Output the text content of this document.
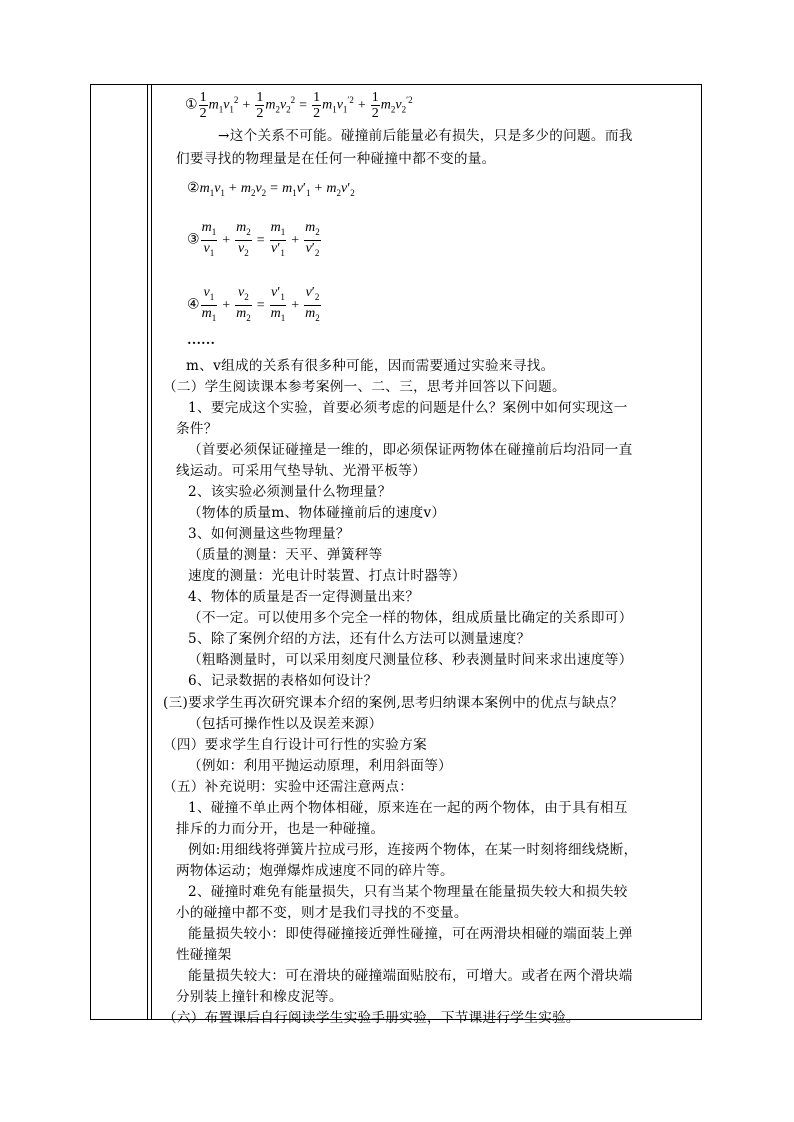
① $\frac{1}{2} m_1v_1^2 + \frac{1}{2} m_2v_2^2 = \frac{1}{2} m_1v_1^{'2} + \frac{1}{2} m_2v_2^{'2}$
→这个关系不可能。碰撞前后能量必有损失，只是多少的问题。而我
们要寻找的物理量是在任何一种碰撞中都不变的量。
$②m_1v_1 + m_2v_2 = m_1v'_1 + m_2v'_2$
③ $\frac{m_1}{v_1} + \frac{m_2}{v_2} = \frac{m_1}{v'_1} + \frac{m_2}{v'_2}$
④ $\frac{v_1}{m_1} + \frac{v_2}{m_2} = \frac{v'_1}{m_1} + \frac{v'_2}{m_2}$
……
m、v组成的关系有很多种可能，因而需要通过实验来寻找。
（二）学生阅读课本参考案例一、二、三，思考并回答以下问题。
1、要完成这个实验，首要必须考虑的问题是什么？案例中如何实现这一
条件？
（首要必须保证碰撞是一维的，即必须保证两物体在碰撞前后均沿同一直
线运动。可采用气垫导轨、光滑平板等）
2、该实验必须测量什么物理量？
（物体的质量m、物体碰撞前后的速度v）
3、如何测量这些物理量？
（质量的测量：天平、弹簧秤等
速度的测量：光电计时装置、打点计时器等）
4、物体的质量是否一定得测量出来？
（不一定。可以使用多个完全一样的物体，组成质量比确定的关系即可）
5、除了案例介绍的方法，还有什么方法可以测量速度？
（粗略测量时，可以采用刻度尺测量位移、秒表测量时间来求出速度等）
6、记录数据的表格如何设计？
(三)要求学生再次研究课本介绍的案例,思考归纳课本案例中的优点与缺点？
（包括可操作性以及误差来源）
（四）要求学生自行设计可行性的实验方案
（例如：利用平抛运动原理，利用斜面等）
（五）补充说明：实验中还需注意两点：
1、碰撞不单止两个物体相碰，原来连在一起的两个物体，由于具有相互
排斥的力而分开，也是一种碰撞。
例如:用细线将弹簧片拉成弓形，连接两个物体，在某一时刻将细线烧断，
两物体运动；炮弹爆炸成速度不同的碎片等。
2、碰撞时难免有能量损失，只有当某个物理量在能量损失较大和损失较
小的碰撞中都不变，则才是我们寻找的不变量。
能量损失较小：即使得碰撞接近弹性碰撞，可在两滑块相碰的端面装上弹
性碰撞架
能量损失较大：可在滑块的碰撞端面贴胶布，可增大。或者在两个滑块端
分别装上撞针和橡皮泥等。
（六）布置课后自行阅读学生实验手册实验，下节课进行学生实验。
